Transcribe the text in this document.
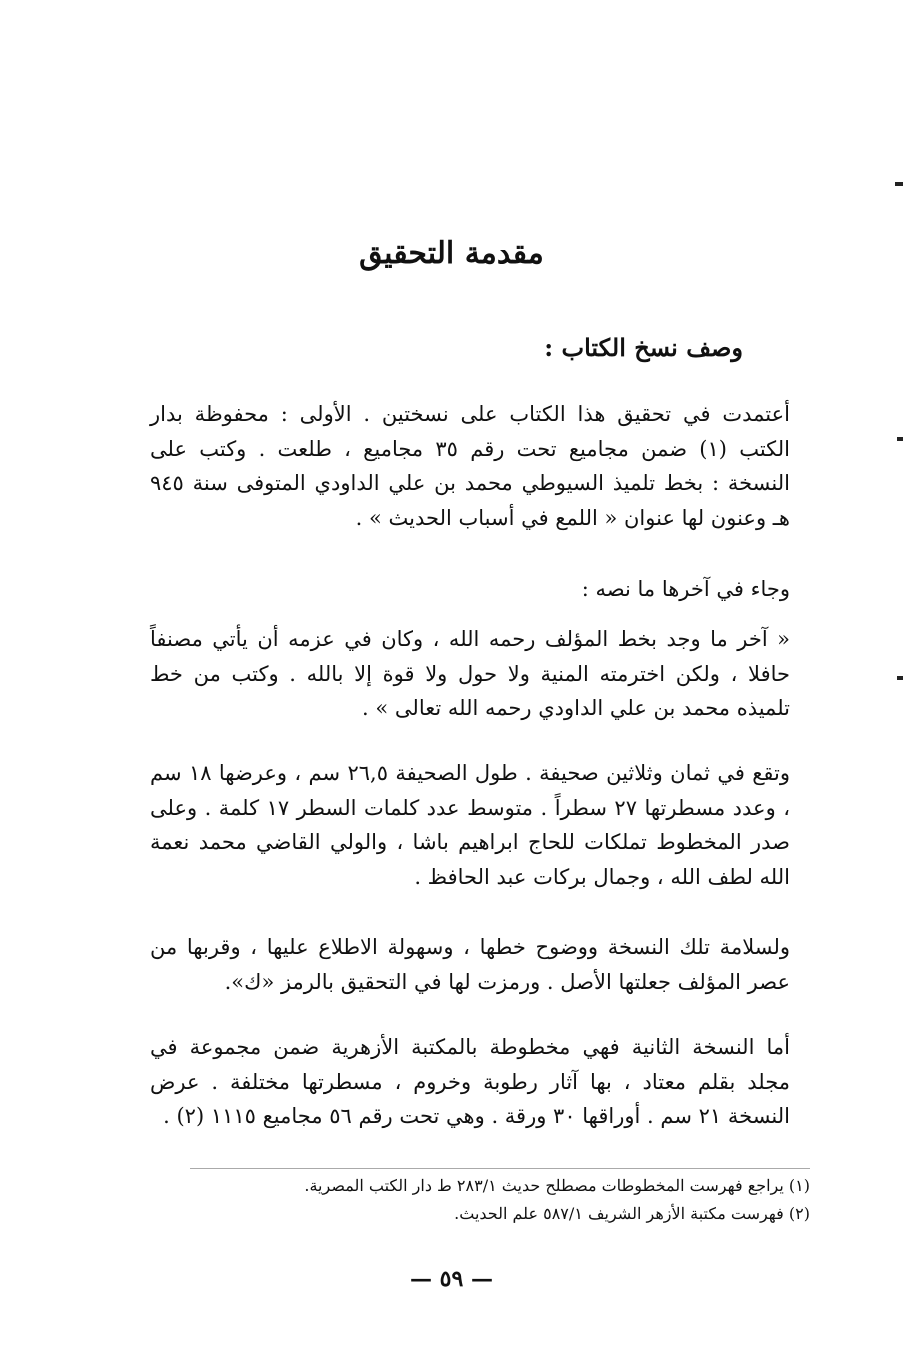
مقدمة التحقيق
وصف نسخ الكتاب :

أعتمدت في تحقيق هذا الكتاب على نسختين . الأولى : محفوظة بدار الكتب (١) ضمن مجاميع تحت رقم ٣٥ مجاميع ، طلعت . وكتب على النسخة : بخط تلميذ السيوطي محمد بن علي الداودي المتوفى سنة ٩٤٥ هـ وعنون لها عنوان « اللمع في أسباب الحديث » .

وجاء في آخرها ما نصه :

« آخر ما وجد بخط المؤلف رحمه الله ، وكان في عزمه أن يأتي مصنفاً حافلا ، ولكن اخترمته المنية ولا حول ولا قوة إلا بالله . وكتب من خط تلميذه محمد بن علي الداودي رحمه الله تعالى » .

وتقع في ثمان وثلاثين صحيفة . طول الصحيفة ٢٦,٥ سم ، وعرضها ١٨ سم ، وعدد مسطرتها ٢٧ سطراً . متوسط عدد كلمات السطر ١٧ كلمة . وعلى صدر المخطوط تملكات للحاج ابراهيم باشا ، والولي القاضي محمد نعمة الله لطف الله ، وجمال بركات عبد الحافظ .

ولسلامة تلك النسخة ووضوح خطها ، وسهولة الاطلاع عليها ، وقربها من عصر المؤلف جعلتها الأصل . ورمزت لها في التحقيق بالرمز «ك».

أما النسخة الثانية فهي مخطوطة بالمكتبة الأزهرية ضمن مجموعة في مجلد بقلم معتاد ، بها آثار رطوبة وخروم ، مسطرتها مختلفة . عرض النسخة ٢١ سم . أوراقها ٣٠ ورقة . وهي تحت رقم ٥٦ مجاميع ١١١٥ (٢) .

(١) يراجع فهرست المخطوطات مصطلح حديث ٢٨٣/١ ط دار الكتب المصرية.

(٢) فهرست مكتبة الأزهر الشريف ٥٨٧/١ علم الحديث.

— ٥٩ —
